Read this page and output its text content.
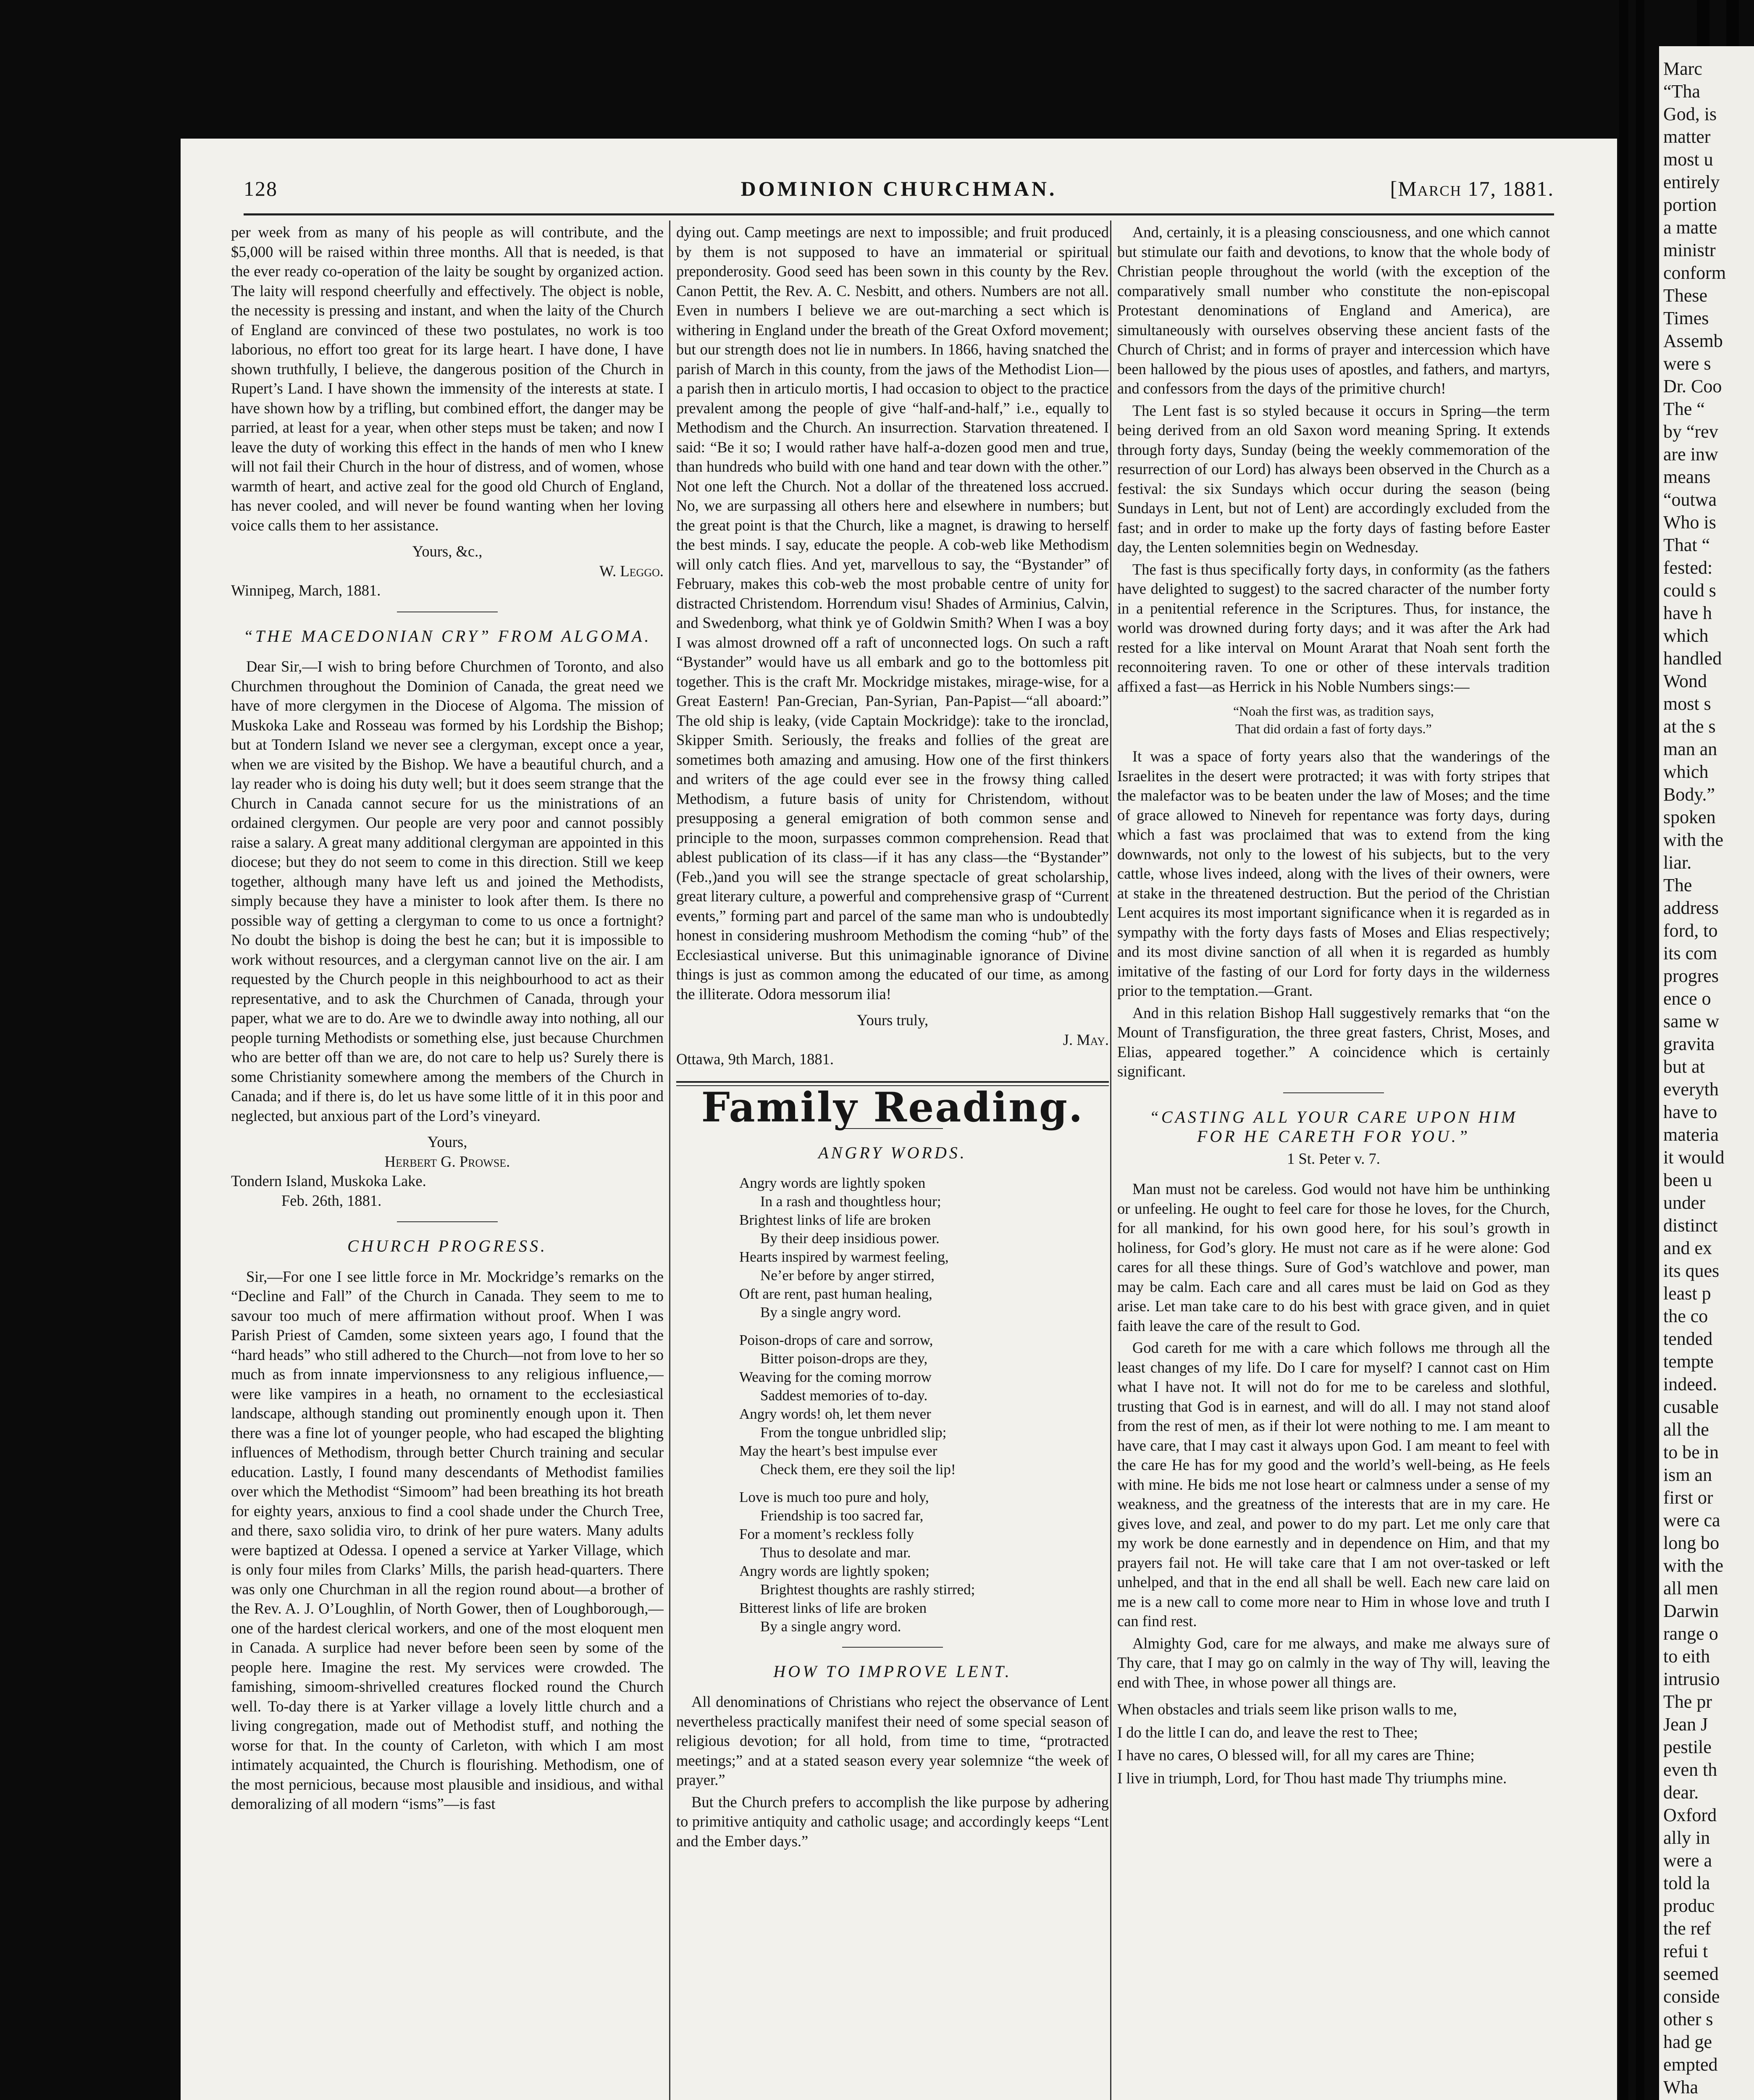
Marc
“Tha
God, is
matter
most u
entirely
portion
a matte
ministr
conform
These
Times
Assemb
were s
Dr. Coo
The “
by “rev
are inw
means
“outwa
Who is
That “
fested:
could s
have h
which
handled
Wond
most s
at the s
man an
which
Body.”
spoken
with the
liar.
The
address
ford, to
its com
progres
ence o
same w
gravita
but at
everyth
have to
materia
it would
been u
under
distinct
and ex
its ques
least p
the co
tended
tempte
indeed.
cusable
all the
to be in
ism an
first or
were ca
long bo
with the
all men
Darwin
range o
to eith
intrusio
The pr
Jean J
pestile
even th
dear.
Oxford
ally in
were a
told la
produc
the ref
refui t
seemed
conside
other s
had ge
empted
Wha
128	DOMINION CHURCHMAN.	[March 17, 1881.

per week from as many of his people as will contribute, and the $5,000 will be raised within three months. All that is needed, is that the ever ready co-operation of the laity be sought by organized action. The laity will respond cheerfully and effectively. The object is noble, the necessity is pressing and instant, and when the laity of the Church of England are convinced of these two postulates, no work is too laborious, no effort too great for its large heart. I have done, I have shown truthfully, I believe, the dangerous position of the Church in Rupert’s Land. I have shown the immensity of the interests at state. I have shown how by a trifling, but combined effort, the danger may be parried, at least for a year, when other steps must be taken; and now I leave the duty of working this effect in the hands of men who I knew will not fail their Church in the hour of distress, and of women, whose warmth of heart, and active zeal for the good old Church of England, has never cooled, and will never be found wanting when her loving voice calls them to her assistance.

Yours, &c.,
W. Leggo.
Winnipeg, March, 1881.
“THE MACEDONIAN CRY” FROM ALGOMA.

Dear Sir,—I wish to bring before Churchmen of Toronto, and also Churchmen throughout the Dominion of Canada, the great need we have of more clergymen in the Diocese of Algoma. The mission of Muskoka Lake and Rosseau was formed by his Lordship the Bishop; but at Tondern Island we never see a clergyman, except once a year, when we are visited by the Bishop. We have a beautiful church, and a lay reader who is doing his duty well; but it does seem strange that the Church in Canada cannot secure for us the ministrations of an ordained clergymen. Our people are very poor and cannot possibly raise a salary. A great many additional clergyman are appointed in this diocese; but they do not seem to come in this direction. Still we keep together, although many have left us and joined the Methodists, simply because they have a minister to look after them. Is there no possible way of getting a clergyman to come to us once a fortnight? No doubt the bishop is doing the best he can; but it is impossible to work without resources, and a clergyman cannot live on the air. I am requested by the Church people in this neighbourhood to act as their representative, and to ask the Churchmen of Canada, through your paper, what we are to do. Are we to dwindle away into nothing, all our people turning Methodists or something else, just because Churchmen who are better off than we are, do not care to help us? Surely there is some Christianity somewhere among the members of the Church in Canada; and if there is, do let us have some little of it in this poor and neglected, but anxious part of the Lord’s vineyard.

Yours,
Herbert G. Prowse.
Tondern Island, Muskoka Lake.
Feb. 26th, 1881.
CHURCH PROGRESS.

Sir,—For one I see little force in Mr. Mockridge’s remarks on the “Decline and Fall” of the Church in Canada. They seem to me to savour too much of mere affirmation without proof. When I was Parish Priest of Camden, some sixteen years ago, I found that the “hard heads” who still adhered to the Church—not from love to her so much as from innate impervionsness to any religious influence,—were like vampires in a heath, no ornament to the ecclesiastical landscape, although standing out prominently enough upon it. Then there was a fine lot of younger people, who had escaped the blighting influences of Methodism, through better Church training and secular education. Lastly, I found many descendants of Methodist families over which the Methodist “Simoom” had been breathing its hot breath for eighty years, anxious to find a cool shade under the Church Tree, and there, saxo solidia viro, to drink of her pure waters. Many adults were baptized at Odessa. I opened a service at Yarker Village, which is only four miles from Clarks’ Mills, the parish head-quarters. There was only one Churchman in all the region round about—a brother of the Rev. A. J. O’Loughlin, of North Gower, then of Loughborough,—one of the hardest clerical workers, and one of the most eloquent men in Canada. A surplice had never before been seen by some of the people here. Imagine the rest. My services were crowded. The famishing, simoom-shrivelled creatures flocked round the Church well. To-day there is at Yarker village a lovely little church and a living congregation, made out of Methodist stuff, and nothing the worse for that. In the county of Carleton, with which I am most intimately acquainted, the Church is flourishing. Methodism, one of the most pernicious, because most plausible and insidious, and withal demoralizing of all modern “isms”—is fast

dying out. Camp meetings are next to impossible; and fruit produced by them is not supposed to have an immaterial or spiritual preponderosity. Good seed has been sown in this county by the Rev. Canon Pettit, the Rev. A. C. Nesbitt, and others. Numbers are not all. Even in numbers I believe we are out-marching a sect which is withering in England under the breath of the Great Oxford movement; but our strength does not lie in numbers. In 1866, having snatched the parish of March in this county, from the jaws of the Methodist Lion—a parish then in articulo mortis, I had occasion to object to the practice prevalent among the people of give “half-and-half,” i.e., equally to Methodism and the Church. An insurrection. Starvation threatened. I said: “Be it so; I would rather have half-a-dozen good men and true, than hundreds who build with one hand and tear down with the other.” Not one left the Church. Not a dollar of the threatened loss accrued. No, we are surpassing all others here and elsewhere in numbers; but the great point is that the Church, like a magnet, is drawing to herself the best minds. I say, educate the people. A cob-web like Methodism will only catch flies. And yet, marvellous to say, the “Bystander” of February, makes this cob-web the most probable centre of unity for distracted Christendom. Horrendum visu! Shades of Arminius, Calvin, and Swedenborg, what think ye of Goldwin Smith? When I was a boy I was almost drowned off a raft of unconnected logs. On such a raft “Bystander” would have us all embark and go to the bottomless pit together. This is the craft Mr. Mockridge mistakes, mirage-wise, for a Great Eastern! Pan-Grecian, Pan-Syrian, Pan-Papist—“all aboard:” The old ship is leaky, (vide Captain Mockridge): take to the ironclad, Skipper Smith. Seriously, the freaks and follies of the great are sometimes both amazing and amusing. How one of the first thinkers and writers of the age could ever see in the frowsy thing called Methodism, a future basis of unity for Christendom, without presupposing a general emigration of both common sense and principle to the moon, surpasses common comprehension. Read that ablest publication of its class—if it has any class—the “Bystander” (Feb.,)and you will see the strange spectacle of great scholarship, great literary culture, a powerful and comprehensive grasp of “Current events,” forming part and parcel of the same man who is undoubtedly honest in considering mushroom Methodism the coming “hub” of the Ecclesiastical universe. But this unimaginable ignorance of Divine things is just as common among the educated of our time, as among the illiterate. Odora messorum ilia!

Yours truly,
J. May.
Ottawa, 9th March, 1881.
Family Reading.
ANGRY WORDS.
Angry words are lightly spoken
In a rash and thoughtless hour;
Brightest links of life are broken
By their deep insidious power.
Hearts inspired by warmest feeling,
Ne’er before by anger stirred,
Oft are rent, past human healing,
By a single angry word.
Poison-drops of care and sorrow,
Bitter poison-drops are they,
Weaving for the coming morrow
Saddest memories of to-day.
Angry words! oh, let them never
From the tongue unbridled slip;
May the heart’s best impulse ever
Check them, ere they soil the lip!
Love is much too pure and holy,
Friendship is too sacred far,
For a moment’s reckless folly
Thus to desolate and mar.
Angry words are lightly spoken;
Brightest thoughts are rashly stirred;
Bitterest links of life are broken
By a single angry word.
HOW TO IMPROVE LENT.

All denominations of Christians who reject the observance of Lent nevertheless practically manifest their need of some special season of religious devotion; for all hold, from time to time, “protracted meetings;” and at a stated season every year solemnize “the week of prayer.”

But the Church prefers to accomplish the like purpose by adhering to primitive antiquity and catholic usage; and accordingly keeps “Lent and the Ember days.”

And, certainly, it is a pleasing consciousness, and one which cannot but stimulate our faith and devotions, to know that the whole body of Christian people throughout the world (with the exception of the comparatively small number who constitute the non-episcopal Protestant denominations of England and America), are simultaneously with ourselves observing these ancient fasts of the Church of Christ; and in forms of prayer and intercession which have been hallowed by the pious uses of apostles, and fathers, and martyrs, and confessors from the days of the primitive church!

The Lent fast is so styled because it occurs in Spring—the term being derived from an old Saxon word meaning Spring. It extends through forty days, Sunday (being the weekly commemoration of the resurrection of our Lord) has always been observed in the Church as a festival: the six Sundays which occur during the season (being Sundays in Lent, but not of Lent) are accordingly excluded from the fast; and in order to make up the forty days of fasting before Easter day, the Lenten solemnities begin on Wednesday.

The fast is thus specifically forty days, in conformity (as the fathers have delighted to suggest) to the sacred character of the number forty in a penitential reference in the Scriptures. Thus, for instance, the world was drowned during forty days; and it was after the Ark had rested for a like interval on Mount Ararat that Noah sent forth the reconnoitering raven. To one or other of these intervals tradition affixed a fast—as Herrick in his Noble Numbers sings:—

“Noah the first was, as tradition says,
That did ordain a fast of forty days.”

It was a space of forty years also that the wanderings of the Israelites in the desert were protracted; it was with forty stripes that the malefactor was to be beaten under the law of Moses; and the time of grace allowed to Nineveh for repentance was forty days, during which a fast was proclaimed that was to extend from the king downwards, not only to the lowest of his subjects, but to the very cattle, whose lives indeed, along with the lives of their owners, were at stake in the threatened destruction. But the period of the Christian Lent acquires its most important significance when it is regarded as in sympathy with the forty days fasts of Moses and Elias respectively; and its most divine sanction of all when it is regarded as humbly imitative of the fasting of our Lord for forty days in the wilderness prior to the temptation.—Grant.

And in this relation Bishop Hall suggestively remarks that “on the Mount of Transfiguration, the three great fasters, Christ, Moses, and Elias, appeared together.” A coincidence which is certainly significant.

“CASTING ALL YOUR CARE UPON HIM
FOR HE CARETH FOR YOU.”
1 St. Peter v. 7.

Man must not be careless. God would not have him be unthinking or unfeeling. He ought to feel care for those he loves, for the Church, for all mankind, for his own good here, for his soul’s growth in holiness, for God’s glory. He must not care as if he were alone: God cares for all these things. Sure of God’s watchlove and power, man may be calm. Each care and all cares must be laid on God as they arise. Let man take care to do his best with grace given, and in quiet faith leave the care of the result to God.

God careth for me with a care which follows me through all the least changes of my life. Do I care for myself? I cannot cast on Him what I have not. It will not do for me to be careless and slothful, trusting that God is in earnest, and will do all. I may not stand aloof from the rest of men, as if their lot were nothing to me. I am meant to have care, that I may cast it always upon God. I am meant to feel with the care He has for my good and the world’s well-being, as He feels with mine. He bids me not lose heart or calmness under a sense of my weakness, and the greatness of the interests that are in my care. He gives love, and zeal, and power to do my part. Let me only care that my work be done earnestly and in dependence on Him, and that my prayers fail not. He will take care that I am not over-tasked or left unhelped, and that in the end all shall be well. Each new care laid on me is a new call to come more near to Him in whose love and truth I can find rest.

Almighty God, care for me always, and make me always sure of Thy care, that I may go on calmly in the way of Thy will, leaving the end with Thee, in whose power all things are.

When obstacles and trials seem like prison walls to me,
I do the little I can do, and leave the rest to Thee;
I have no cares, O blessed will, for all my cares are Thine;
I live in triumph, Lord, for Thou hast made Thy triumphs mine.
